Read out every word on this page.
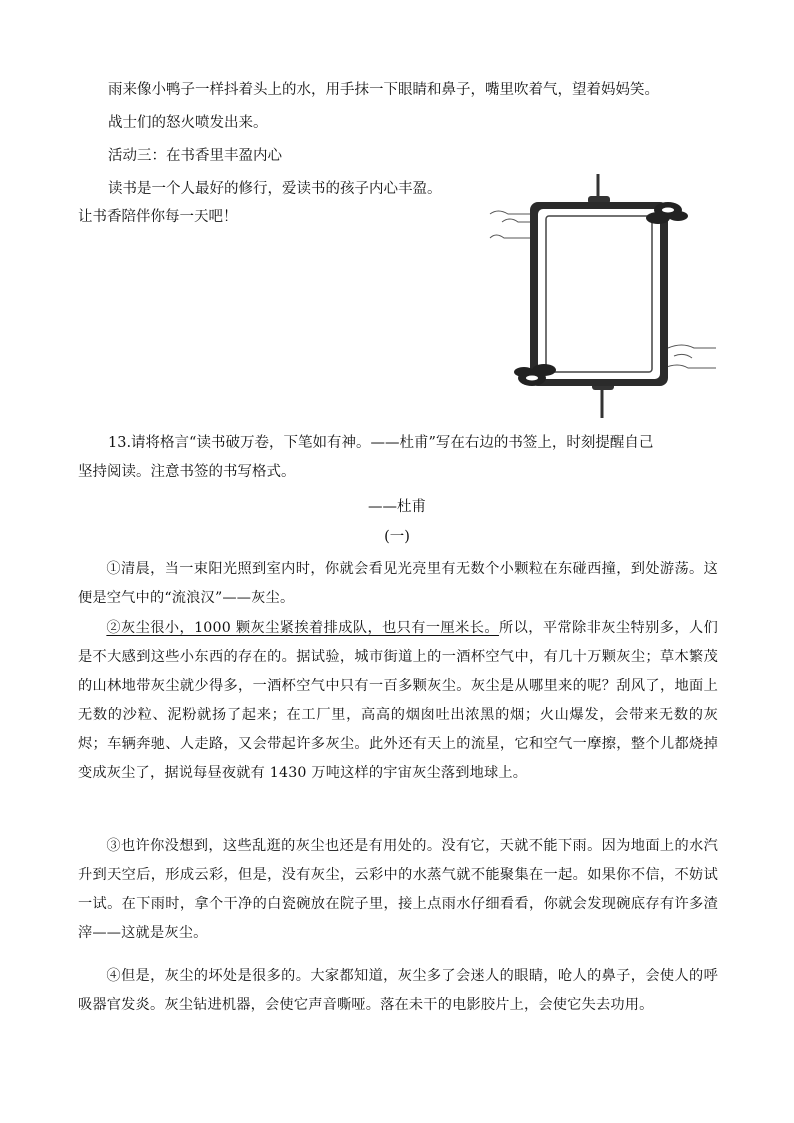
雨来像小鸭子一样抖着头上的水，用手抹一下眼睛和鼻子，嘴里吹着气，望着妈妈笑。
战士们的怒火喷发出来。
活动三：在书香里丰盈内心
读书是一个人最好的修行，爱读书的孩子内心丰盈。
让书香陪伴你每一天吧！
13.请将格言“读书破万卷，下笔如有神。——杜甫”写在右边的书签上，时刻提醒自己
坚持阅读。注意书签的书写格式。
——杜甫
(一)
①清晨，当一束阳光照到室内时，你就会看见光亮里有无数个小颗粒在东碰西撞，到处游荡。这便是空气中的“流浪汉”——灰尘。
②灰尘很小，1000 颗灰尘紧挨着排成队，也只有一厘米长。所以，平常除非灰尘特别多，人们是不大感到这些小东西的存在的。据试验，城市街道上的一酒杯空气中，有几十万颗灰尘；草木繁茂的山林地带灰尘就少得多，一酒杯空气中只有一百多颗灰尘。灰尘是从哪里来的呢？刮风了，地面上无数的沙粒、泥粉就扬了起来；在工厂里，高高的烟囱吐出浓黑的烟；火山爆发，会带来无数的灰烬；车辆奔驰、人走路，又会带起许多灰尘。此外还有天上的流星，它和空气一摩擦，整个儿都烧掉变成灰尘了，据说每昼夜就有 1430 万吨这样的宇宙灰尘落到地球上。
③也许你没想到，这些乱逛的灰尘也还是有用处的。没有它，天就不能下雨。因为地面上的水汽升到天空后，形成云彩，但是，没有灰尘，云彩中的水蒸气就不能聚集在一起。如果你不信，不妨试一试。在下雨时，拿个干净的白瓷碗放在院子里，接上点雨水仔细看看，你就会发现碗底存有许多渣滓——这就是灰尘。
④但是，灰尘的坏处是很多的。大家都知道，灰尘多了会迷人的眼睛，呛人的鼻子，会使人的呼吸器官发炎。灰尘钻进机器，会使它声音嘶哑。落在未干的电影胶片上，会使它失去功用。
